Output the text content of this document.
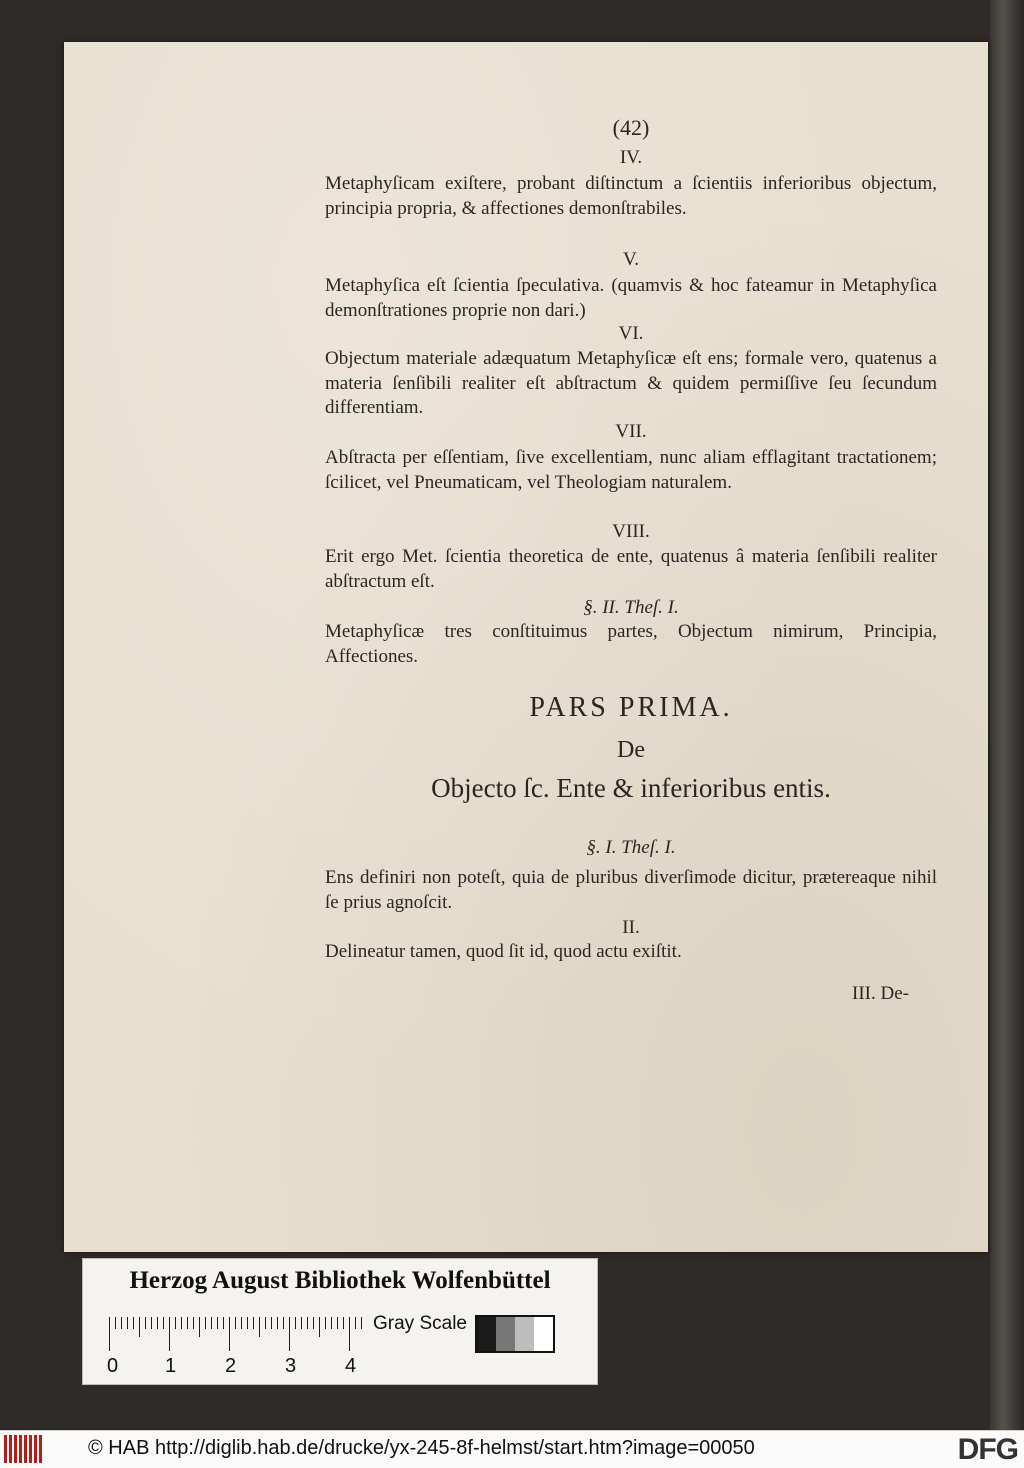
(42)
IV.
Metaphyſicam exiſtere, probant diſtinctum a ſcientiis inferioribus objectum, principia propria, & affectiones demonſtrabiles.
V.
Metaphyſica eſt ſcientia ſpeculativa. (quamvis & hoc fateamur in Metaphyſica demonſtrationes proprie non dari.)
VI.
Objectum materiale adæquatum Metaphyſicæ eſt ens; formale vero, quatenus a materia ſenſibili realiter eſt abſtractum & quidem permiſſive ſeu ſecundum differentiam.
VII.
Abſtracta per eſſentiam, ſive excellentiam, nunc aliam efflagitant tractationem; ſcilicet, vel Pneumaticam, vel Theologiam naturalem.
VIII.
Erit ergo Met. ſcientia theoretica de ente, quatenus â materia ſenſibili realiter abſtractum eſt.
§. II. Theſ. I.
Metaphyſicæ tres conſtituimus partes, Objectum nimirum, Principia, Affectiones.
PARS PRIMA.
De
Objecto ſc. Ente & inferioribus entis.
§. I. Theſ. I.
Ens definiri non poteſt, quia de pluribus diverſimode dicitur, prætereaque nihil ſe prius agnoſcit.
II.
Delineatur tamen, quod ſit id, quod actu exiſtit.
III. De-
Herzog August Bibliothek Wolfenbüttel
0 1 2 3 4
Gray Scale
© HAB http://diglib.hab.de/drucke/yx-245-8f-helmst/start.htm?image=00050	DFG
